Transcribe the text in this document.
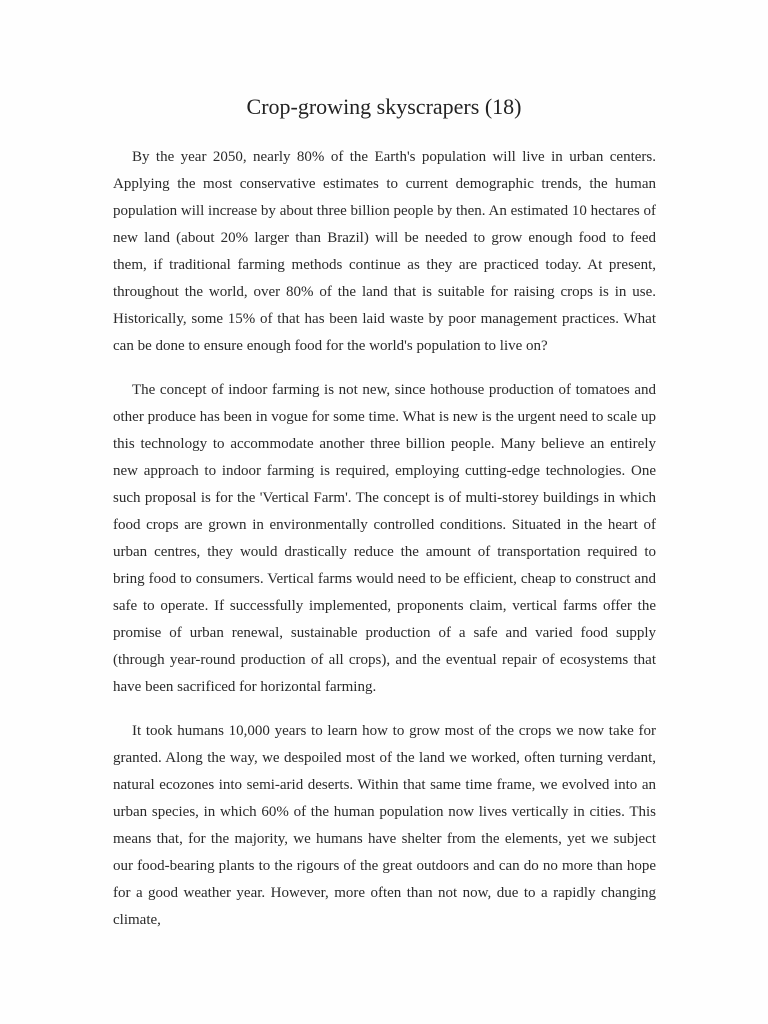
Crop-growing skyscrapers (18)

By the year 2050, nearly 80% of the Earth's population will live in urban centers. Applying the most conservative estimates to current demographic trends, the human population will increase by about three billion people by then. An estimated 10 hectares of new land (about 20% larger than Brazil) will be needed to grow enough food to feed them, if traditional farming methods continue as they are practiced today. At present, throughout the world, over 80% of the land that is suitable for raising crops is in use. Historically, some 15% of that has been laid waste by poor management practices. What can be done to ensure enough food for the world's population to live on?

The concept of indoor farming is not new, since hothouse production of tomatoes and other produce has been in vogue for some time. What is new is the urgent need to scale up this technology to accommodate another three billion people. Many believe an entirely new approach to indoor farming is required, employing cutting-edge technologies. One such proposal is for the 'Vertical Farm'. The concept is of multi-storey buildings in which food crops are grown in environmentally controlled conditions. Situated in the heart of urban centres, they would drastically reduce the amount of transportation required to bring food to consumers. Vertical farms would need to be efficient, cheap to construct and safe to operate. If successfully implemented, proponents claim, vertical farms offer the promise of urban renewal, sustainable production of a safe and varied food supply (through year-round production of all crops), and the eventual repair of ecosystems that have been sacrificed for horizontal farming.

It took humans 10,000 years to learn how to grow most of the crops we now take for granted. Along the way, we despoiled most of the land we worked, often turning verdant, natural ecozones into semi-arid deserts. Within that same time frame, we evolved into an urban species, in which 60% of the human population now lives vertically in cities. This means that, for the majority, we humans have shelter from the elements, yet we subject our food-bearing plants to the rigours of the great outdoors and can do no more than hope for a good weather year. However, more often than not now, due to a rapidly changing climate,
